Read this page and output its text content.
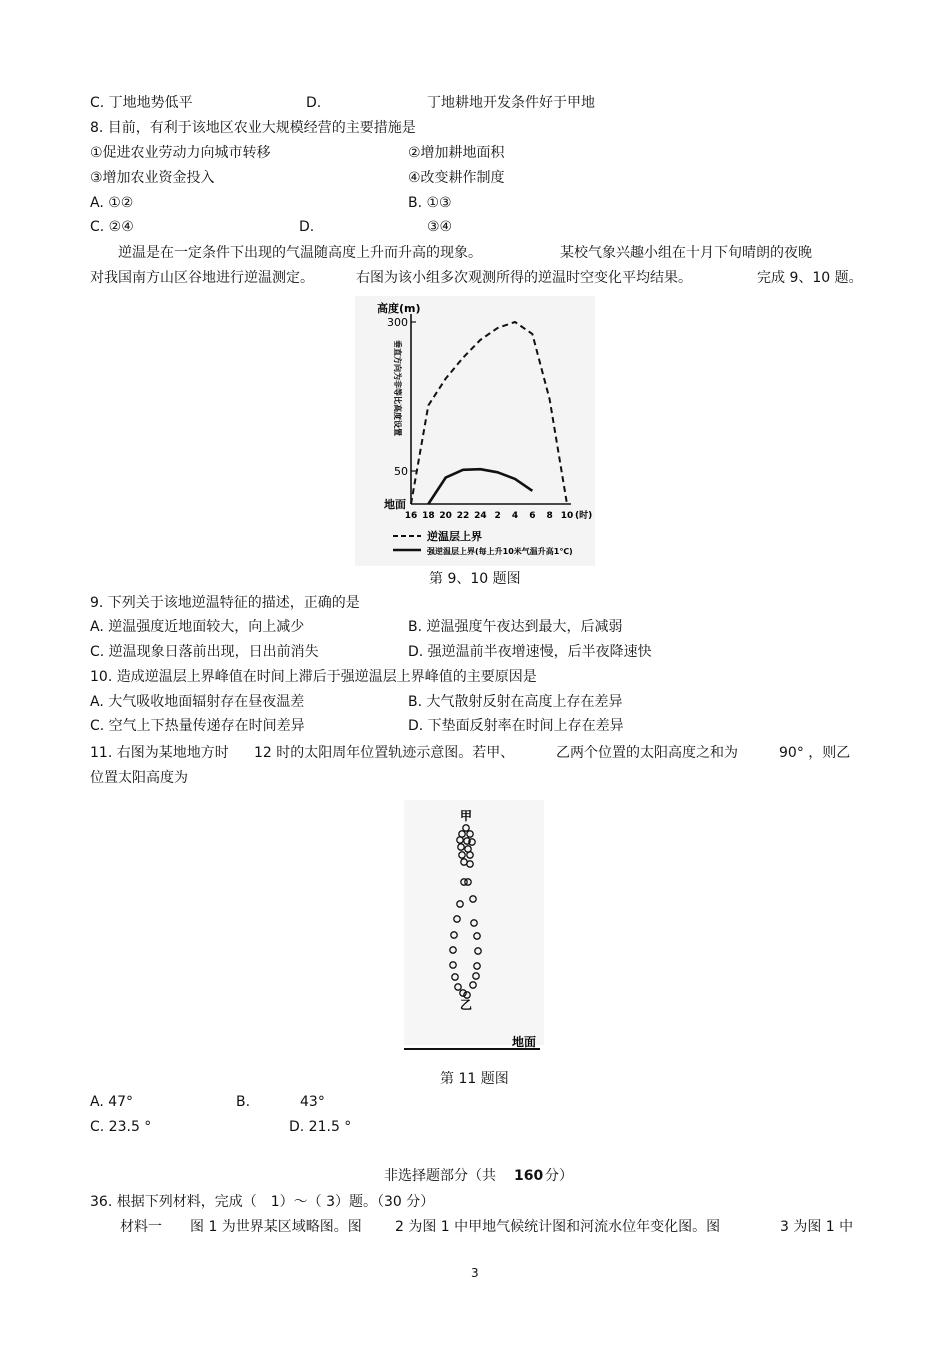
C. 丁地地势低平	D.	丁地耕地开发条件好于甲地
8. 目前，有利于该地区农业大规模经营的主要措施是
①促进农业劳动力向城市转移	②增加耕地面积
③增加农业资金投入	④改变耕作制度
A. ①②	B. ①③
C. ②④	D.	③④
逆温是在一定条件下出现的气温随高度上升而升高的现象。	某校气象兴趣小组在十月下旬晴朗的夜晚
对我国南方山区谷地进行逆温测定。	右图为该小组多次观测所得的逆温时空变化平均结果。	完成 9、10 题。
高度(m)
垂直方向为非等比高度设置
300
50
地面
16 18 20 22 24 2 4 6 8 10 (时)
逆温层上界
强逆温层上界(每上升10米气温升高1℃)
第 9、10 题图
9. 下列关于该地逆温特征的描述，正确的是
A. 逆温强度近地面较大，向上减少	B. 逆温强度午夜达到最大，后减弱
C. 逆温现象日落前出现，日出前消失	D. 强逆温前半夜增速慢，后半夜降速快
10. 造成逆温层上界峰值在时间上滞后于强逆温层上界峰值的主要原因是
A. 大气吸收地面辐射存在昼夜温差	B. 大气散射反射在高度上存在差异
C. 空气上下热量传递存在时间差异	D. 下垫面反射率在时间上存在差异
11. 右图为某地地方时 12 时的太阳周年位置轨迹示意图。若甲、	乙两个位置的太阳高度之和为	90° ，则乙
位置太阳高度为
甲
乙
地面
第 11 题图
A. 47°	B.	43°
C. 23.5 °	D. 21.5 °
非选择题部分（共 160 分）
36. 根据下列材料，完成（　1）～（ 3）题。（30 分）
材料一 图 1 为世界某区域略图。图 2 为图 1 中甲地气候统计图和河流水位年变化图。图	3 为图 1 中
3
